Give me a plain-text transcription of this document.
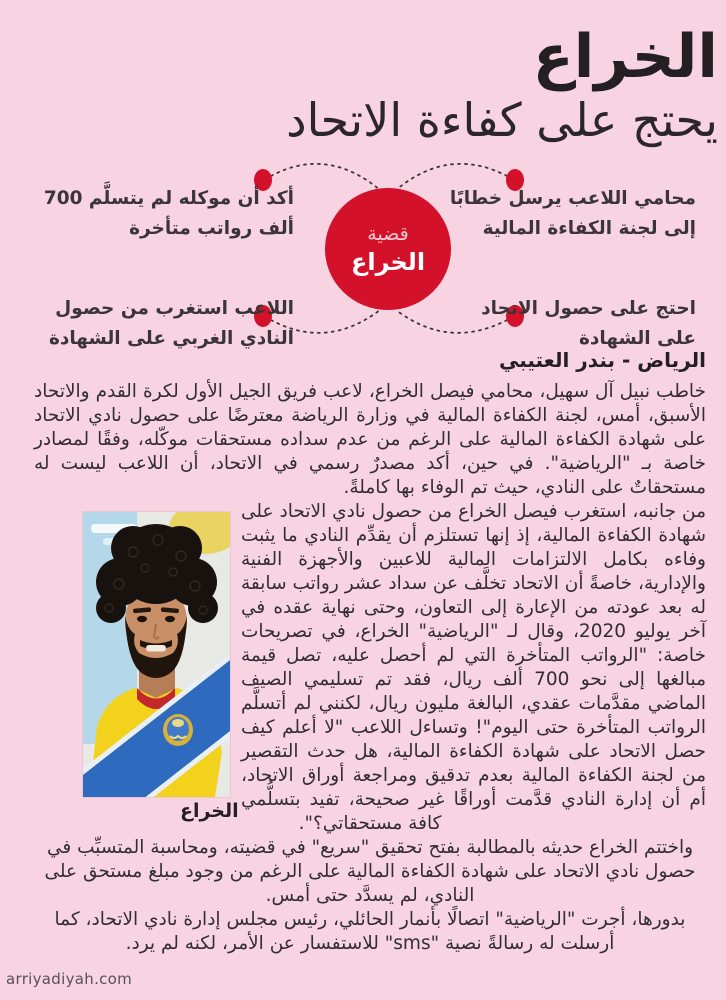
الخراع
يحتج على كفاءة الاتحاد
قضية
الخراع
محامي اللاعب يرسل خطابًا
إلى لجنة الكفاءة المالية
احتج على حصول الاتحاد
على الشهادة
أكد أن موكله لم يتسلَّم 700
ألف رواتب متأخرة
اللاعب استغرب من حصول
النادي الغربي على الشهادة
الرياض - بندر العتيبي

خاطب نبيل آل سهيل، محامي فيصل الخراع، لاعب فريق الجيل الأول لكرة القدم والاتحاد الأسبق، أمس، لجنة الكفاءة المالية في وزارة الرياضة معترضًا على حصول نادي الاتحاد على شهادة الكفاءة المالية على الرغم من عدم سداده مستحقات موكّله، وفقًا لمصادر خاصة بـ "الرياضية". في حين، أكد مصدرٌ رسمي في الاتحاد، أن اللاعب ليست له مستحقاتٌ على النادي، حيث تم الوفاء بها كاملةً.

من جانبه، استغرب فيصل الخراع من حصول نادي الاتحاد على شهادة الكفاءة المالية، إذ إنها تستلزم أن يقدِّم النادي ما يثبت وفاءه بكامل الالتزامات المالية للاعبين والأجهزة الفنية والإدارية، خاصةً أن الاتحاد تخلَّف عن سداد عشر رواتب سابقة له بعد عودته من الإعارة إلى التعاون، وحتى نهاية عقده في آخر يوليو 2020، وقال لـ "الرياضية" الخراع، في تصريحات خاصة: "الرواتب المتأخرة التي لم أحصل عليه، تصل قيمة مبالغها إلى نحو 700 ألف ريال، فقد تم تسليمي الصيف الماضي مقدَّمات عقدي، البالغة مليون ريال، لكنني لم أتسلَّم الرواتب المتأخرة حتى اليوم"! وتساءل اللاعب "لا أعلم كيف حصل الاتحاد على شهادة الكفاءة المالية، هل حدث التقصير من لجنة الكفاءة المالية بعدم تدقيق ومراجعة أوراق الاتحاد، أم أن إدارة النادي قدَّمت أوراقًا غير صحيحة، تفيد بتسلُّمي كافة مستحقاتي؟".

واختتم الخراع حديثه بالمطالبة بفتح تحقيق "سريع" في قضيته، ومحاسبة المتسبِّب في حصول نادي الاتحاد على شهادة الكفاءة المالية على الرغم من وجود مبلغ مستحق على النادي، لم يسدَّد حتى أمس.

بدورها، أجرت "الرياضية" اتصالًا بأنمار الحائلي، رئيس مجلس إدارة نادي الاتحاد، كما أرسلت له رسالةً نصية "sms" للاستفسار عن الأمر، لكنه لم يرد.

الخراع
arriyadiyah.com
